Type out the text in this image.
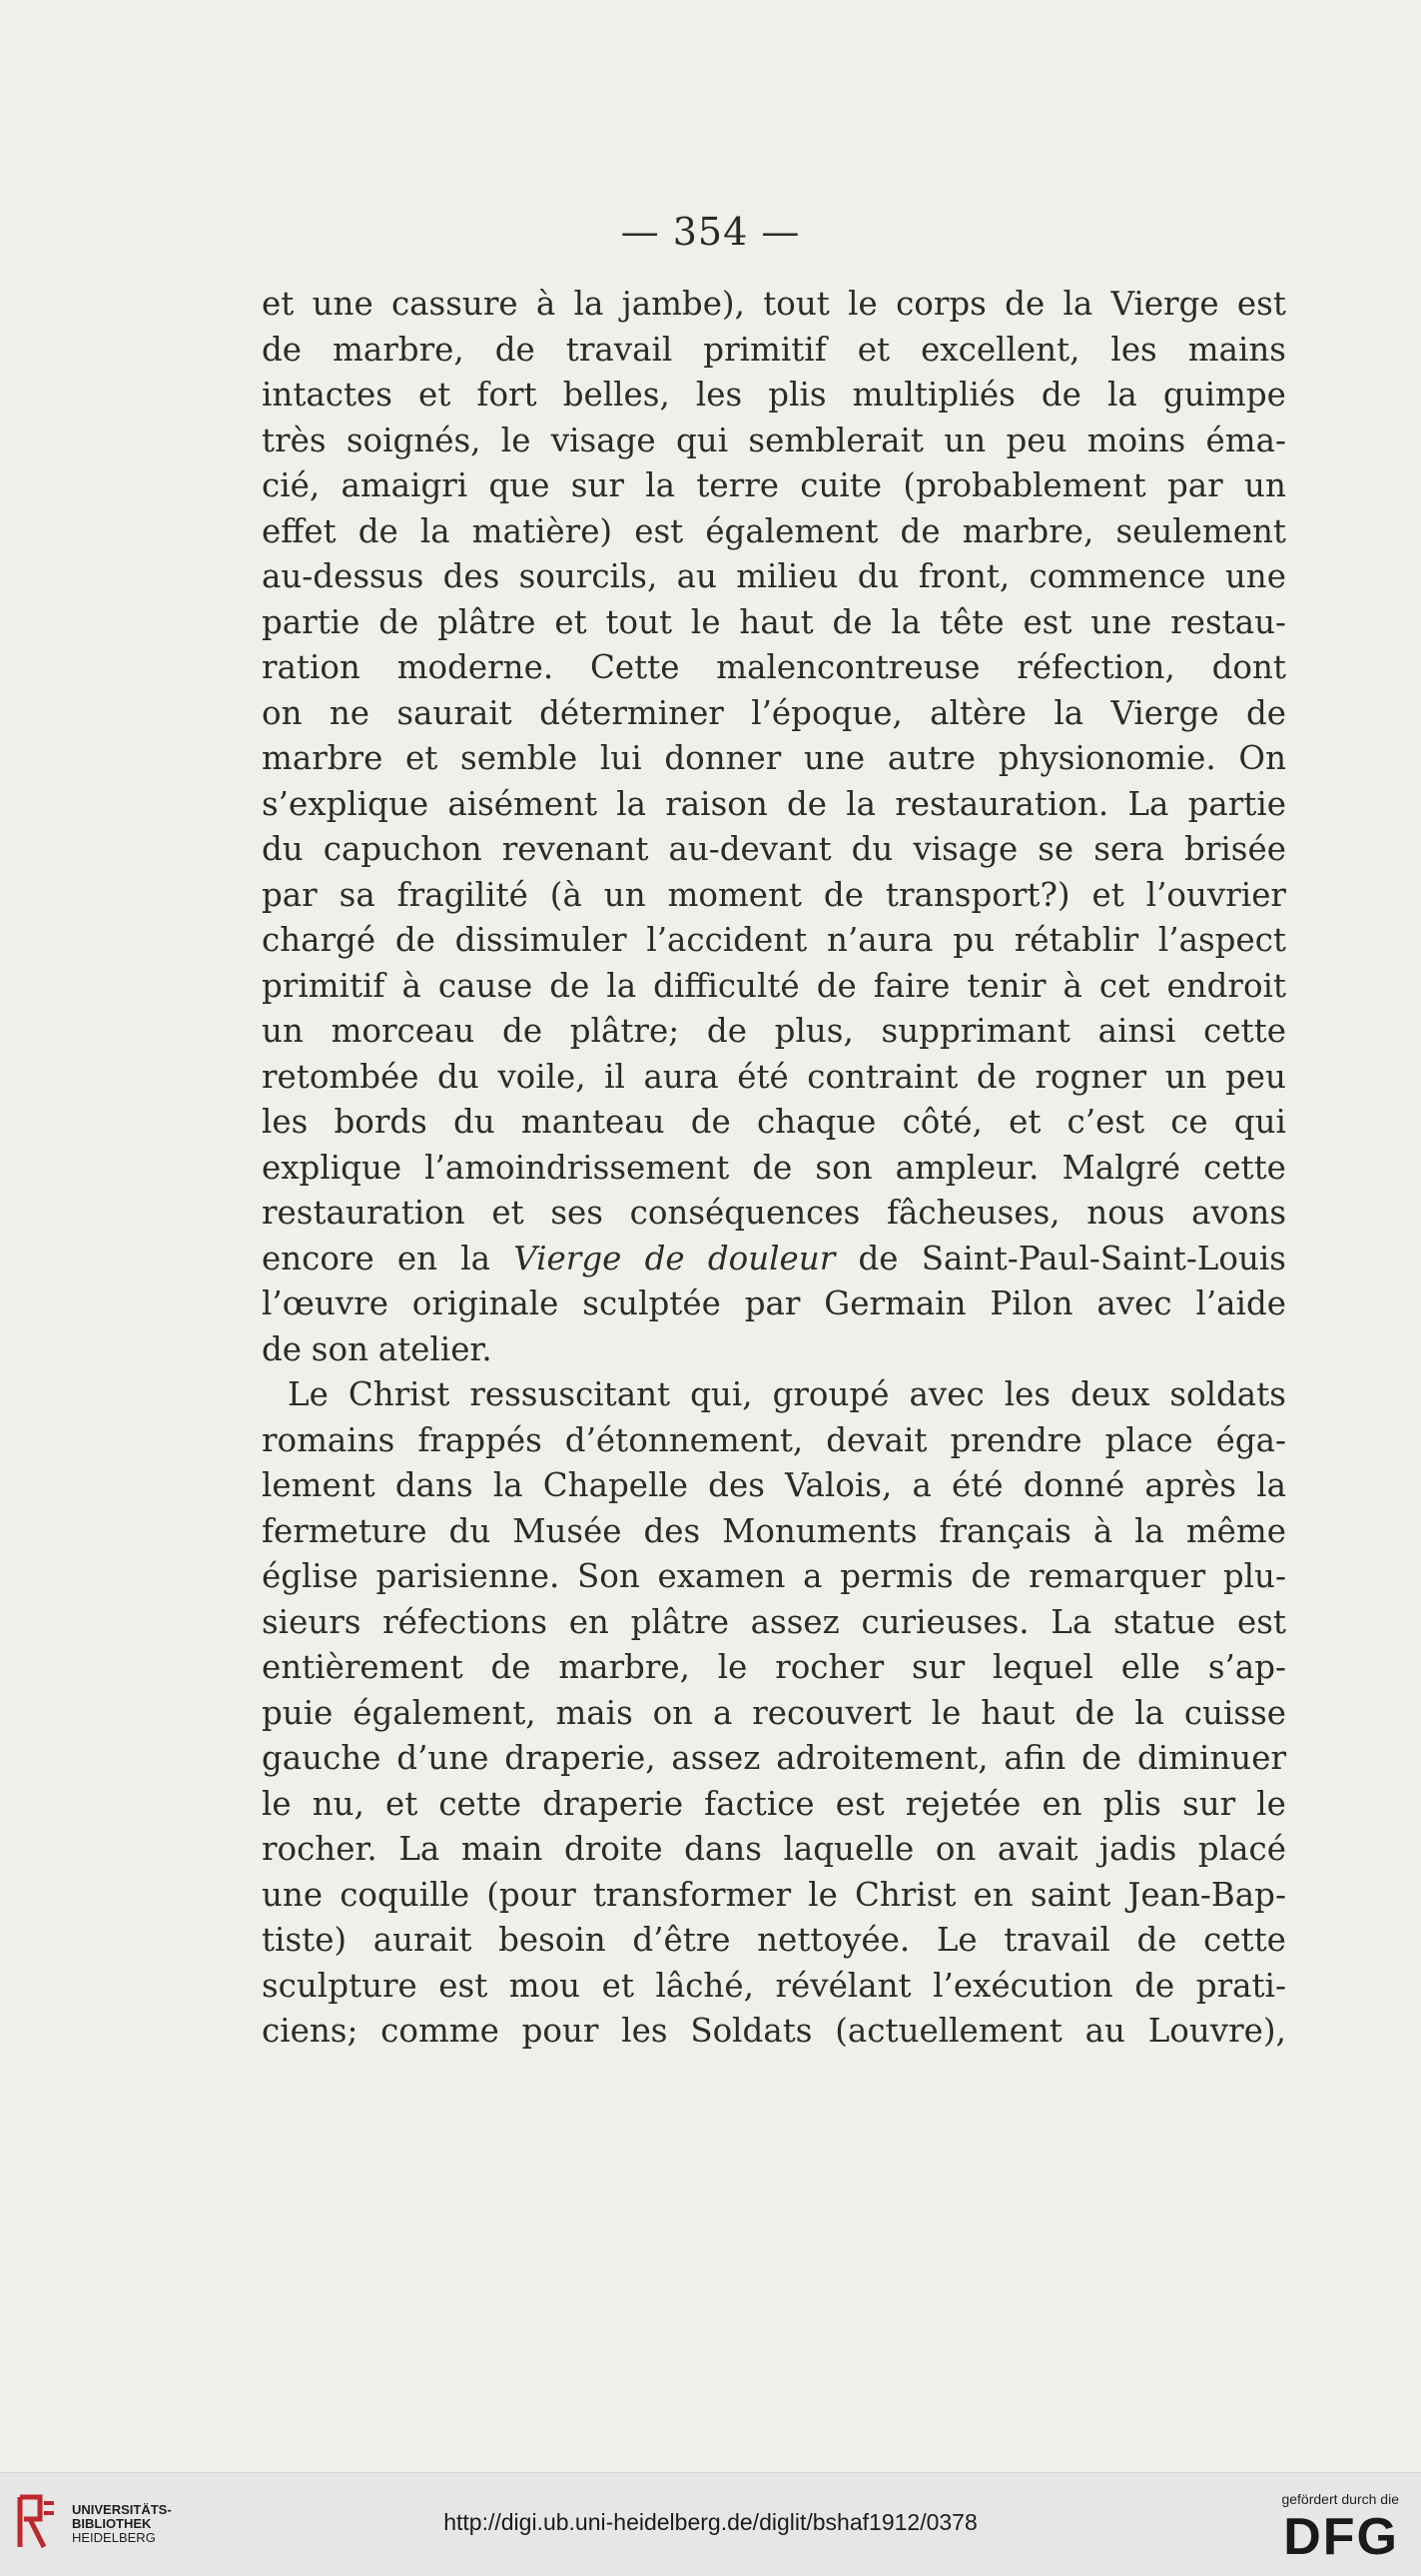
— 354 —
et une cassure à la jambe), tout le corps de la Vierge est
de marbre, de travail primitif et excellent, les mains
intactes et fort belles, les plis multipliés de la guimpe
très soignés, le visage qui semblerait un peu moins éma-
cié, amaigri que sur la terre cuite (probablement par un
effet de la matière) est également de marbre, seulement
au-dessus des sourcils, au milieu du front, commence une
partie de plâtre et tout le haut de la tête est une restau-
ration moderne. Cette malencontreuse réfection, dont
on ne saurait déterminer l’époque, altère la Vierge de
marbre et semble lui donner une autre physionomie. On
s’explique aisément la raison de la restauration. La partie
du capuchon revenant au-devant du visage se sera brisée
par sa fragilité (à un moment de transport?) et l’ouvrier
chargé de dissimuler l’accident n’aura pu rétablir l’aspect
primitif à cause de la difficulté de faire tenir à cet endroit
un morceau de plâtre; de plus, supprimant ainsi cette
retombée du voile, il aura été contraint de rogner un peu
les bords du manteau de chaque côté, et c’est ce qui
explique l’amoindrissement de son ampleur. Malgré cette
restauration et ses conséquences fâcheuses, nous avons
encore en la Vierge de douleur de Saint-Paul-Saint-Louis
l’œuvre originale sculptée par Germain Pilon avec l’aide
de son atelier.
Le Christ ressuscitant qui, groupé avec les deux soldats
romains frappés d’étonnement, devait prendre place éga-
lement dans la Chapelle des Valois, a été donné après la
fermeture du Musée des Monuments français à la même
église parisienne. Son examen a permis de remarquer plu-
sieurs réfections en plâtre assez curieuses. La statue est
entièrement de marbre, le rocher sur lequel elle s’ap-
puie également, mais on a recouvert le haut de la cuisse
gauche d’une draperie, assez adroitement, afin de diminuer
le nu, et cette draperie factice est rejetée en plis sur le
rocher. La main droite dans laquelle on avait jadis placé
une coquille (pour transformer le Christ en saint Jean-Bap-
tiste) aurait besoin d’être nettoyée. Le travail de cette
sculpture est mou et lâché, révélant l’exécution de prati-
ciens; comme pour les Soldats (actuellement au Louvre),
UNIVERSITÄTS-
BIBLIOTHEK
HEIDELBERG
http://digi.ub.uni-heidelberg.de/diglit/bshaf1912/0378
gefördert durch die
DFG
